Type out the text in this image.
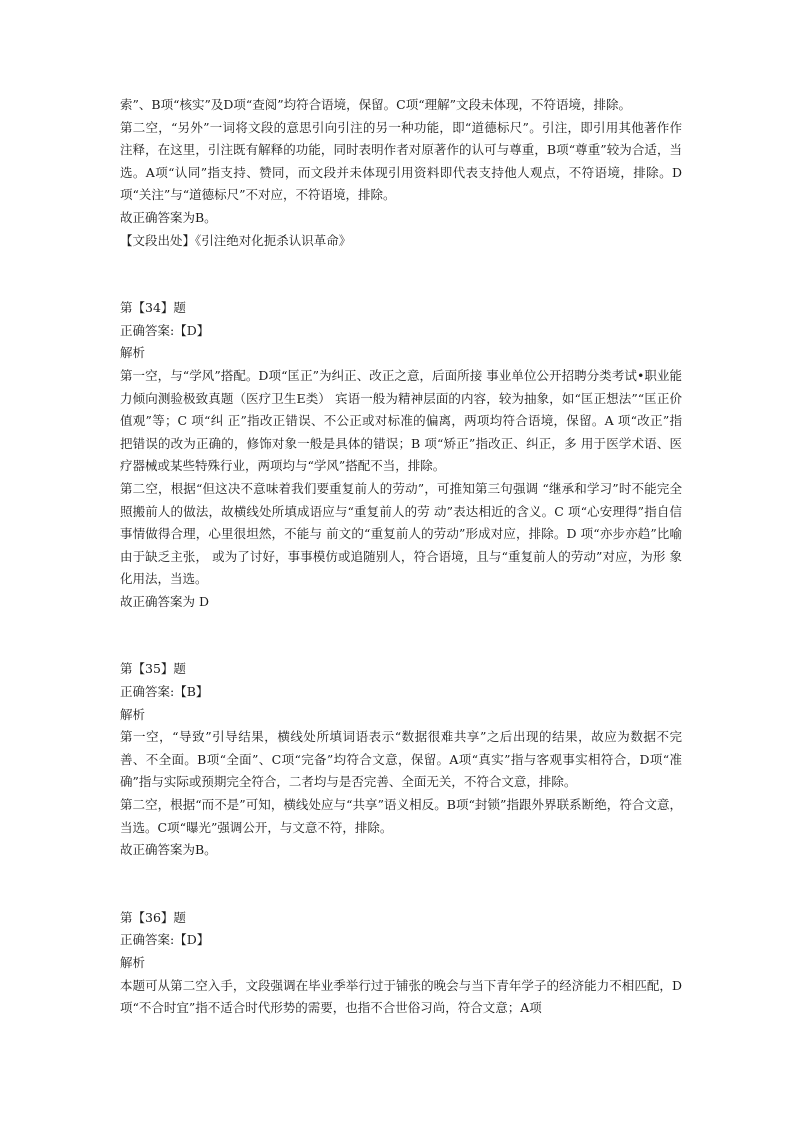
索”、B项“核实”及D项“查阅”均符合语境，保留。C项“理解”文段未体现，不符语境，排除。

第二空，“另外”一词将文段的意思引向引注的另一种功能，即“道德标尺”。引注，即引用其他著作作注释，在这里，引注既有解释的功能，同时表明作者对原著作的认可与尊重，B项“尊重”较为合适，当选。A项“认同”指支持、赞同，而文段并未体现引用资料即代表支持他人观点，不符语境，排除。D项“关注”与“道德标尺”不对应，不符语境，排除。

故正确答案为B。

【文段出处】《引注绝对化扼杀认识革命》

第【34】题

正确答案:【D】

解析

第一空，与“学风”搭配。D项“匡正”为纠正、改正之意，后面所接 事业单位公开招聘分类考试•职业能力倾向测验极致真题（医疗卫生E类） 宾语一般为精神层面的内容，较为抽象，如“匡正想法”“匡正价值观”等；C 项“纠 正”指改正错误、不公正或对标准的偏离，两项均符合语境，保留。A 项“改正”指 把错误的改为正确的，修饰对象一般是具体的错误；B 项“矫正”指改正、纠正，多 用于医学术语、医疗器械或某些特殊行业，两项均与“学风”搭配不当，排除。

第二空，根据“但这决不意味着我们要重复前人的劳动”，可推知第三句强调 “继承和学习”时不能完全照搬前人的做法，故横线处所填成语应与“重复前人的劳 动”表达相近的含义。C 项“心安理得”指自信事情做得合理，心里很坦然，不能与 前文的“重复前人的劳动”形成对应，排除。D 项“亦步亦趋”比喻由于缺乏主张， 或为了讨好，事事模仿或追随别人，符合语境，且与“重复前人的劳动”对应，为形 象化用法，当选。

故正确答案为 D

第【35】题

正确答案:【B】

解析

第一空，“导致”引导结果，横线处所填词语表示“数据很难共享”之后出现的结果，故应为数据不完善、不全面。B项“全面”、C项“完备”均符合文意，保留。A项“真实”指与客观事实相符合，D项“准确”指与实际或预期完全符合，二者均与是否完善、全面无关，不符合文意，排除。

第二空，根据“而不是”可知，横线处应与“共享”语义相反。B项“封锁”指跟外界联系断绝，符合文意，当选。C项“曝光”强调公开，与文意不符，排除。

故正确答案为B。

第【36】题

正确答案:【D】

解析

本题可从第二空入手，文段强调在毕业季举行过于铺张的晚会与当下青年学子的经济能力不相匹配，D项“不合时宜”指不适合时代形势的需要，也指不合世俗习尚，符合文意；A项
